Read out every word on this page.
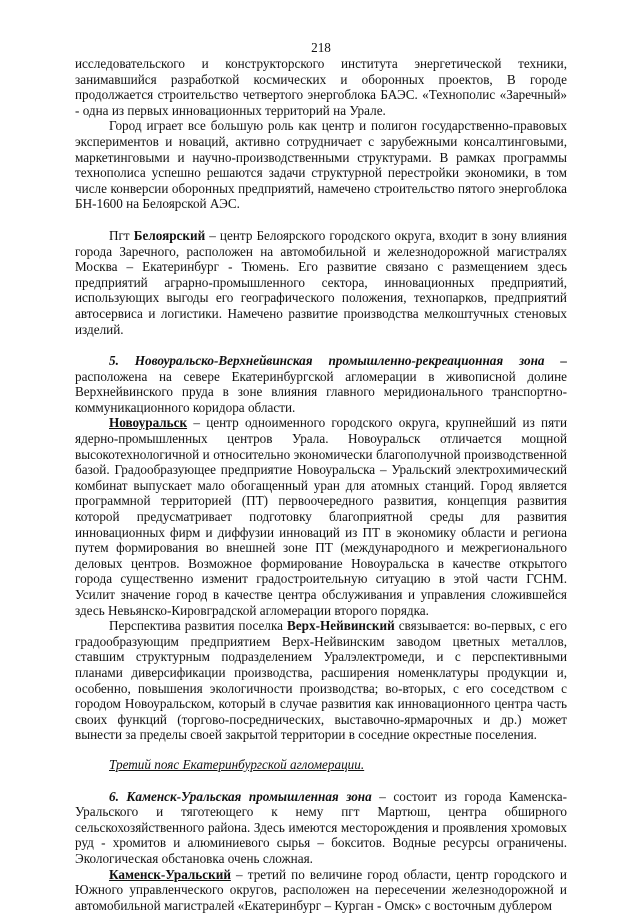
218

исследовательского и конструкторского института энергетической техники, занимавшийся разработкой космических и оборонных проектов, В городе продолжается строительство четвертого энергоблока БАЭС. «Технополис «Заречный» - одна из первых инновационных территорий на Урале.

Город играет все большую роль как центр и полигон государственно-правовых экспериментов и новаций, активно сотрудничает с зарубежными консалтинговыми, маркетинговыми и научно-производственными структурами. В рамках программы технополиса успешно решаются задачи структурной перестройки экономики, в том числе конверсии оборонных предприятий, намечено строительство пятого энергоблока БН-1600 на Белоярской АЭС.

Пгт Белоярский – центр Белоярского городского округа, входит в зону влияния города Заречного, расположен на автомобильной и железнодорожной магистралях Москва – Екатеринбург - Тюмень. Его развитие связано с размещением здесь предприятий аграрно-промышленного сектора, инновационных предприятий, использующих выгоды его географического положения, технопарков, предприятий автосервиса и логистики. Намечено развитие производства мелкоштучных стеновых изделий.

5. Новоуральско-Верхнейвинская промышленно-рекреационная зона – расположена на севере Екатеринбургской агломерации в живописной долине Верхнейвинского пруда в зоне влияния главного меридионального транспортно-коммуникационного коридора области.

Новоуральск – центр одноименного городского округа, крупнейший из пяти ядерно-промышленных центров Урала. Новоуральск отличается мощной высокотехнологичной и относительно экономически благополучной производственной базой. Градообразующее предприятие Новоуральска – Уральский электрохимический комбинат выпускает мало обогащенный уран для атомных станций. Город является программной территорией (ПТ) первоочередного развития, концепция развития которой предусматривает подготовку благоприятной среды для развития инновационных фирм и диффузии инноваций из ПТ в экономику области и региона путем формирования во внешней зоне ПТ (международного и межрегионального деловых центров. Возможное формирование Новоуральска в качестве открытого города существенно изменит градостроительную ситуацию в этой части ГСНМ. Усилит значение город в качестве центра обслуживания и управления сложившейся здесь Невьянско-Кировградской агломерации второго порядка.

Перспектива развития поселка Верх-Нейвинский связывается: во-первых, с его градообразующим предприятием Верх-Нейвинским заводом цветных металлов, ставшим структурным подразделением Уралэлектромеди, и с перспективными планами диверсификации производства, расширения номенклатуры продукции и, особенно, повышения экологичности производства; во-вторых, с его соседством с городом Новоуральском, который в случае развития как инновационного центра часть своих функций (торгово-посреднических, выставочно-ярмарочных и др.) может вынести за пределы своей закрытой территории в соседние окрестные поселения.

Третий пояс Екатеринбургской агломерации.

6. Каменск-Уральская промышленная зона – состоит из города Каменска-Уральского и тяготеющего к нему пгт Мартюш, центра обширного сельскохозяйственного района. Здесь имеются месторождения и проявления хромовых руд - хромитов и алюминиевого сырья – бокситов. Водные ресурсы ограничены. Экологическая обстановка очень сложная.

Каменск-Уральский – третий по величине город области, центр городского и Южного управленческого округов, расположен на пересечении железнодорожной и автомобильной магистралей «Екатеринбург – Курган - Омск» с восточным дублером
